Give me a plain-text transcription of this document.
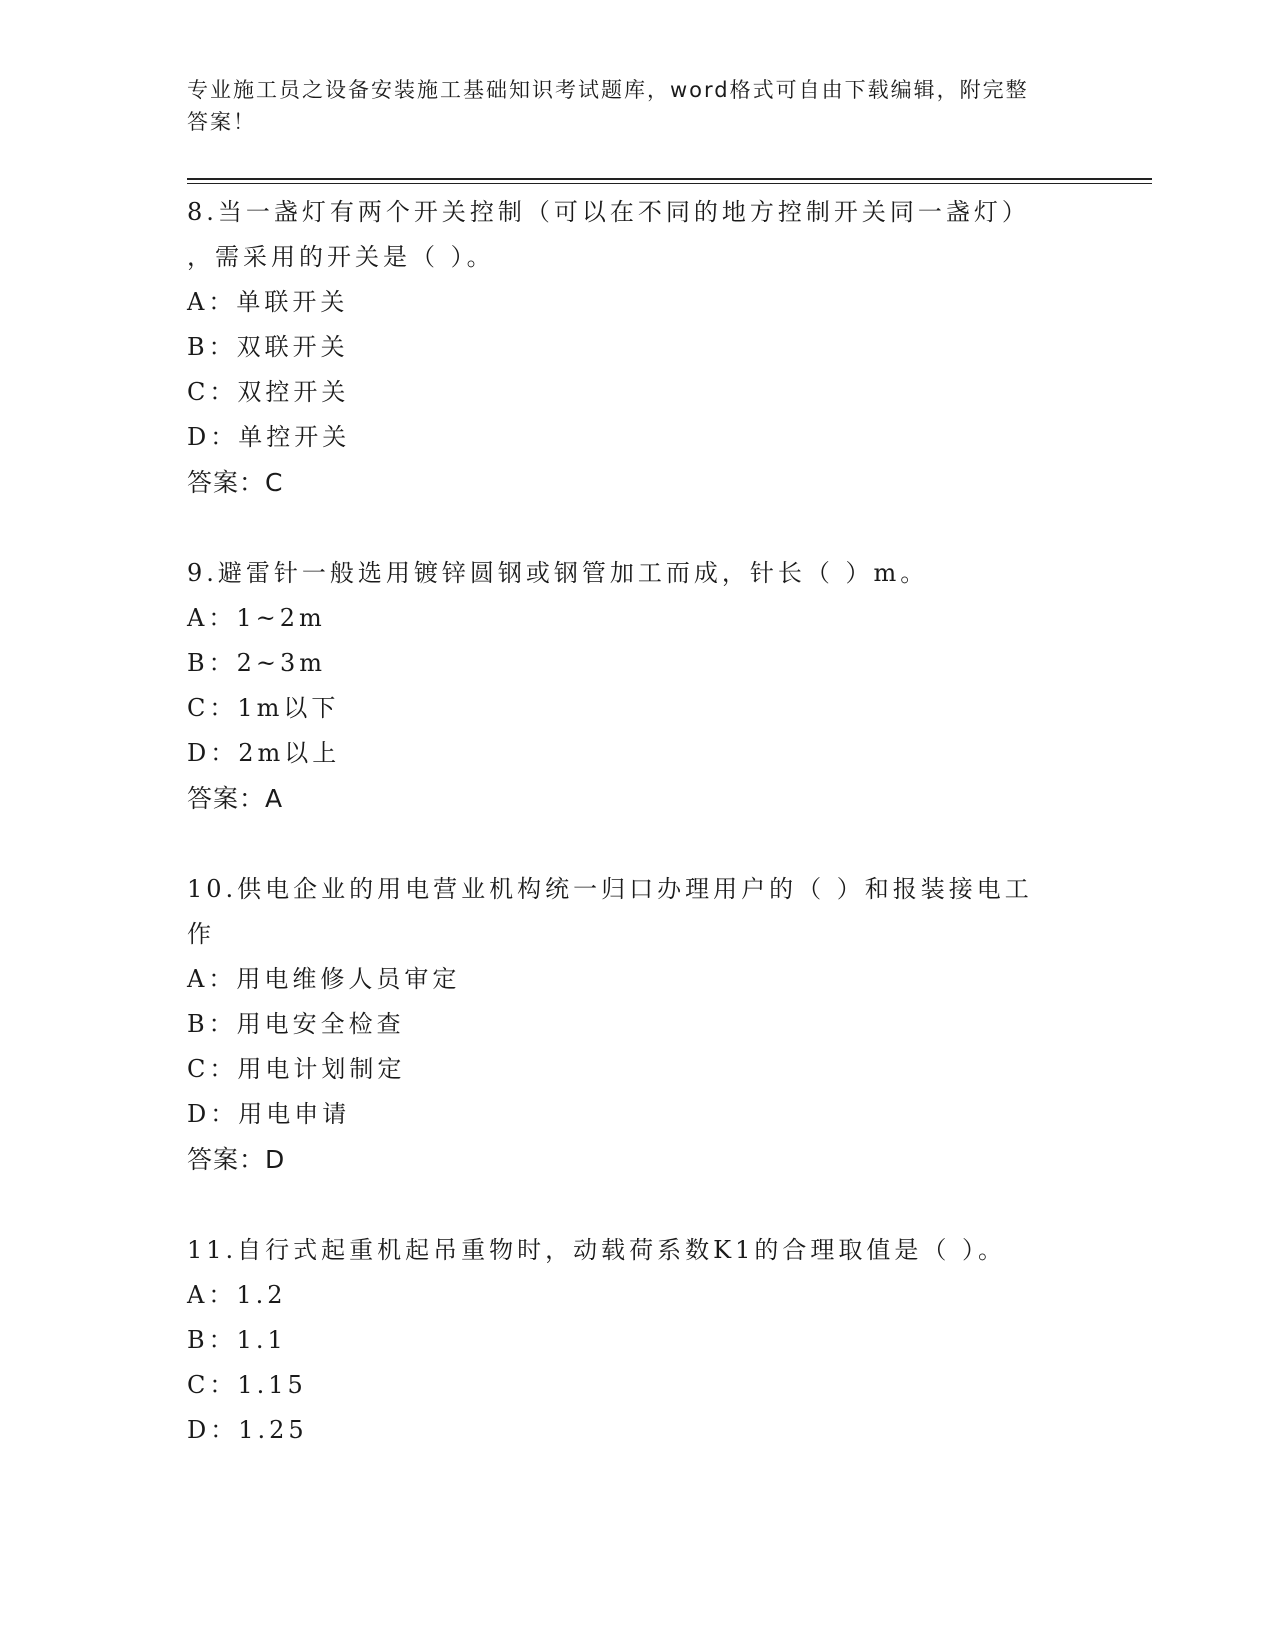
专业施工员之设备安装施工基础知识考试题库，word格式可自由下载编辑，附完整答案！
8.当一盏灯有两个开关控制（可以在不同的地方控制开关同一盏灯）
，需采用的开关是（ ）。
A：单联开关
B：双联开关
C：双控开关
D：单控开关
答案：C
9.避雷针一般选用镀锌圆钢或钢管加工而成，针长（ ）m。
A：1~2m
B：2~3m
C：1m以下
D：2m以上
答案：A
10.供电企业的用电营业机构统一归口办理用户的（ ）和报装接电工
作
A：用电维修人员审定
B：用电安全检查
C：用电计划制定
D：用电申请
答案：D
11.自行式起重机起吊重物时，动载荷系数K1的合理取值是（ ）。
A：1.2
B：1.1
C：1.15
D：1.25
